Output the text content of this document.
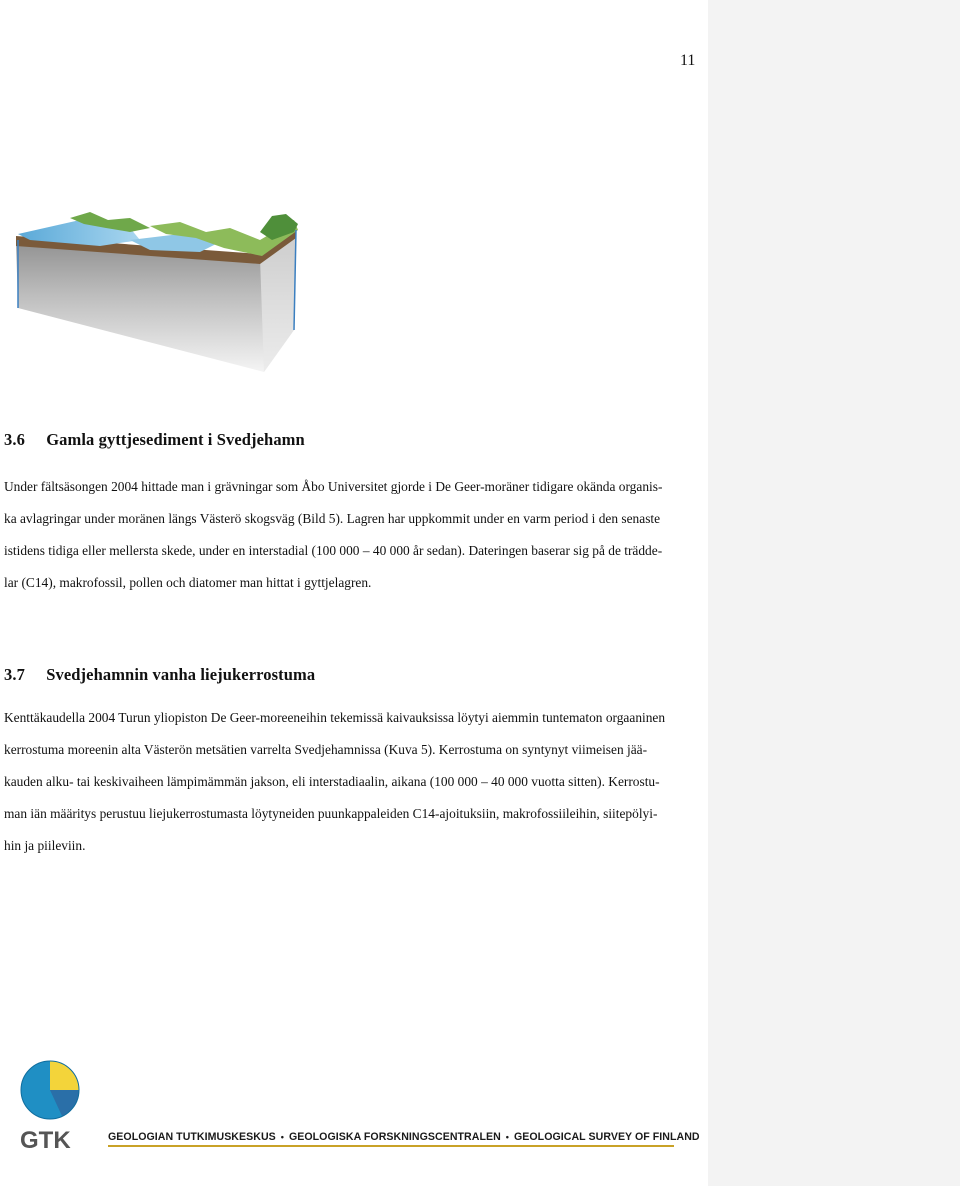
11
3.6 Gamla gyttjesediment i Svedjehamn
Under fältsäsongen 2004 hittade man i grävningar som Åbo Universitet gjorde i De Geer-moräner tidigare okända organis-
ka avlagringar under moränen längs Västerö skogsväg (Bild 5). Lagren har uppkommit under en varm period i den senaste
istidens tidiga eller mellersta skede, under en interstadial (100 000 – 40 000 år sedan). Dateringen baserar sig på de trädde-
lar (C14), makrofossil, pollen och diatomer man hittat i gyttjelagren.
3.7 Svedjehamnin vanha liejukerrostuma
Kenttäkaudella 2004 Turun yliopiston De Geer-moreeneihin tekemissä kaivauksissa löytyi aiemmin tuntematon orgaaninen
kerrostuma moreenin alta Västerön metsätien varrelta Svedjehamnissa (Kuva 5). Kerrostuma on syntynyt viimeisen jää-
kauden alku- tai keskivaiheen lämpimämmän jakson, eli interstadiaalin, aikana (100 000 – 40 000 vuotta sitten). Kerrostu-
man iän määritys perustuu liejukerrostumasta löytyneiden puunkappaleiden C14-ajoituksiin, makrofossiileihin, siitepölyi-
hin ja piileviin.
GTK	GEOLOGIAN TUTKIMUSKESKUS • GEOLOGISKA FORSKNINGSCENTRALEN • GEOLOGICAL SURVEY OF FINLAND
